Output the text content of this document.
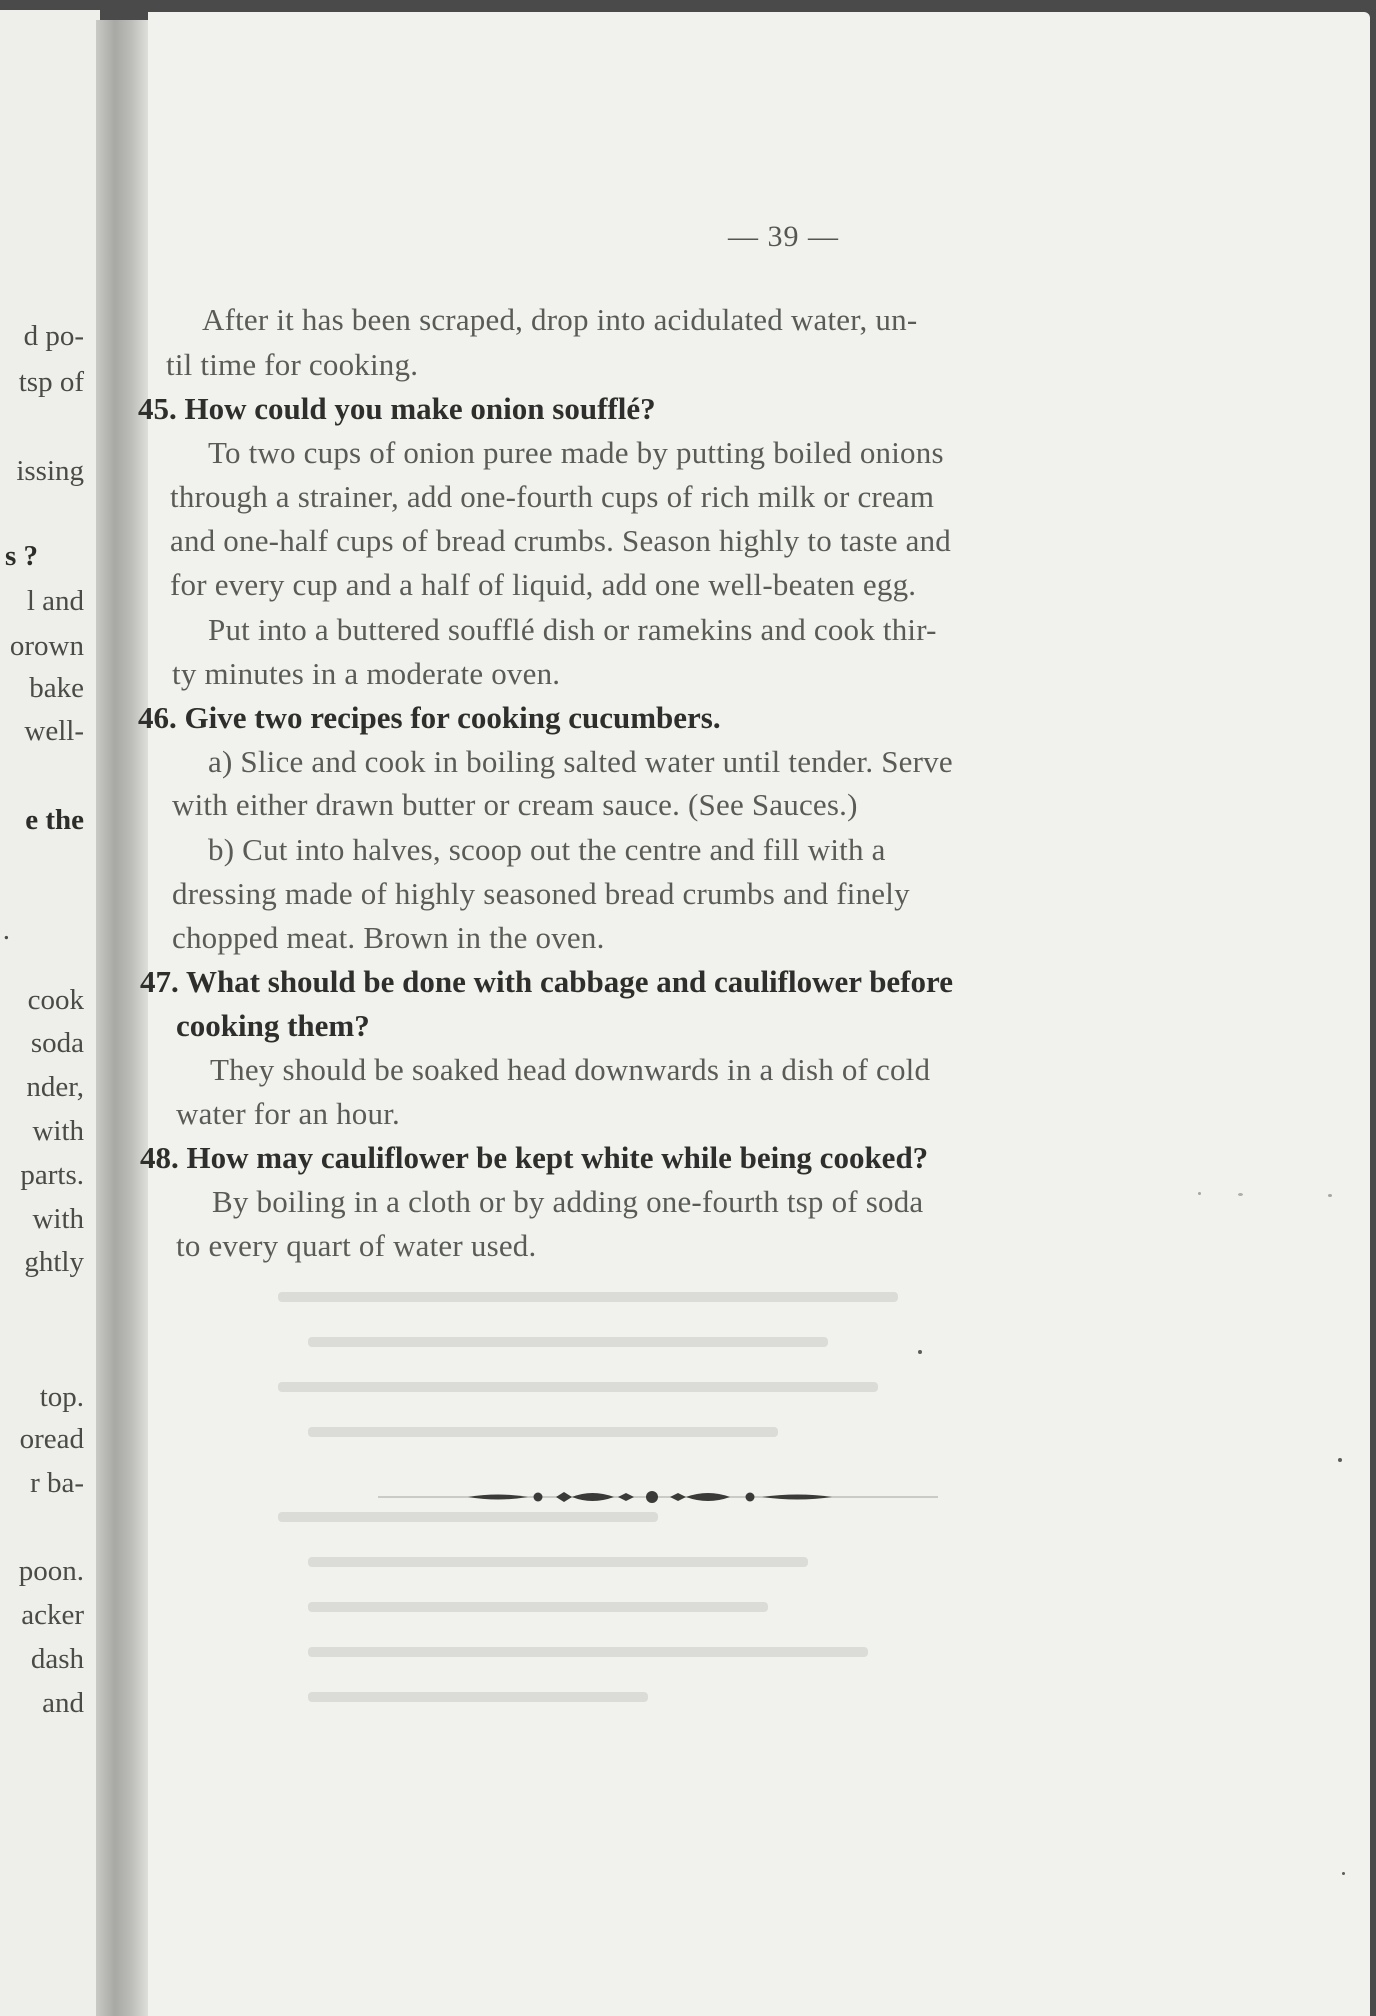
d po-
tsp of
issing
s ?
l and
orown
bake
well-
e the
.
cook
soda
nder,
with
parts.
with
ghtly
top.
oread
r ba-
poon.
acker
dash
and
— 39 —
After it has been scraped, drop into acidulated water, un-
til time for cooking.
45. How could you make onion soufflé?
To two cups of onion puree made by putting boiled onions
through a strainer, add one-fourth cups of rich milk or cream
and one-half cups of bread crumbs. Season highly to taste and
for every cup and a half of liquid, add one well-beaten egg.
Put into a buttered soufflé dish or ramekins and cook thir-
ty minutes in a moderate oven.
46. Give two recipes for cooking cucumbers.
a) Slice and cook in boiling salted water until tender. Serve
with either drawn butter or cream sauce. (See Sauces.)
b) Cut into halves, scoop out the centre and fill with a
dressing made of highly seasoned bread crumbs and finely
chopped meat. Brown in the oven.
47. What should be done with cabbage and cauliflower before
cooking them?
They should be soaked head downwards in a dish of cold
water for an hour.
48. How may cauliflower be kept white while being cooked?
By boiling in a cloth or by adding one-fourth tsp of soda
to every quart of water used.
